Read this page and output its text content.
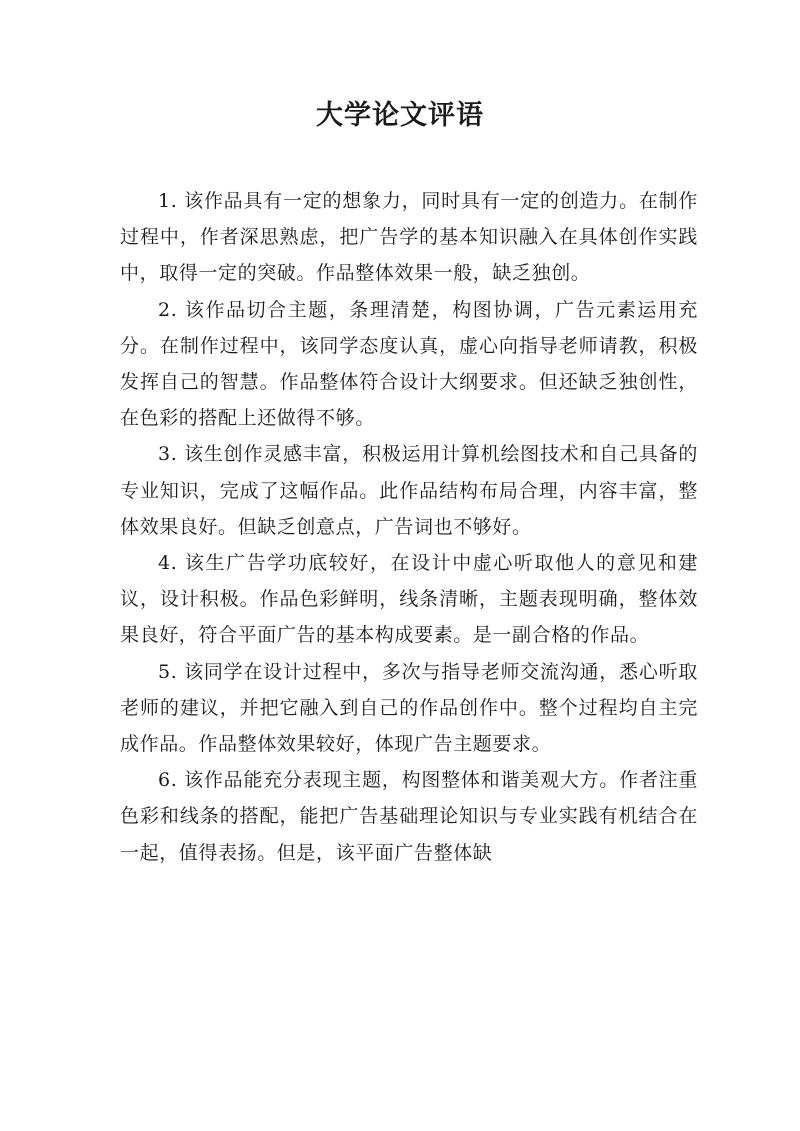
大学论文评语

1. 该作品具有一定的想象力，同时具有一定的创造力。在制作过程中，作者深思熟虑，把广告学的基本知识融入在具体创作实践中，取得一定的突破。作品整体效果一般，缺乏独创。

2. 该作品切合主题，条理清楚，构图协调，广告元素运用充分。在制作过程中，该同学态度认真，虚心向指导老师请教，积极发挥自己的智慧。作品整体符合设计大纲要求。但还缺乏独创性，在色彩的搭配上还做得不够。

3. 该生创作灵感丰富，积极运用计算机绘图技术和自己具备的专业知识，完成了这幅作品。此作品结构布局合理，内容丰富，整体效果良好。但缺乏创意点，广告词也不够好。

4. 该生广告学功底较好，在设计中虚心听取他人的意见和建议，设计积极。作品色彩鲜明，线条清晰，主题表现明确，整体效果良好，符合平面广告的基本构成要素。是一副合格的作品。

5. 该同学在设计过程中，多次与指导老师交流沟通，悉心听取老师的建议，并把它融入到自己的作品创作中。整个过程均自主完成作品。作品整体效果较好，体现广告主题要求。

6. 该作品能充分表现主题，构图整体和谐美观大方。作者注重色彩和线条的搭配，能把广告基础理论知识与专业实践有机结合在一起，值得表扬。但是，该平面广告整体缺
